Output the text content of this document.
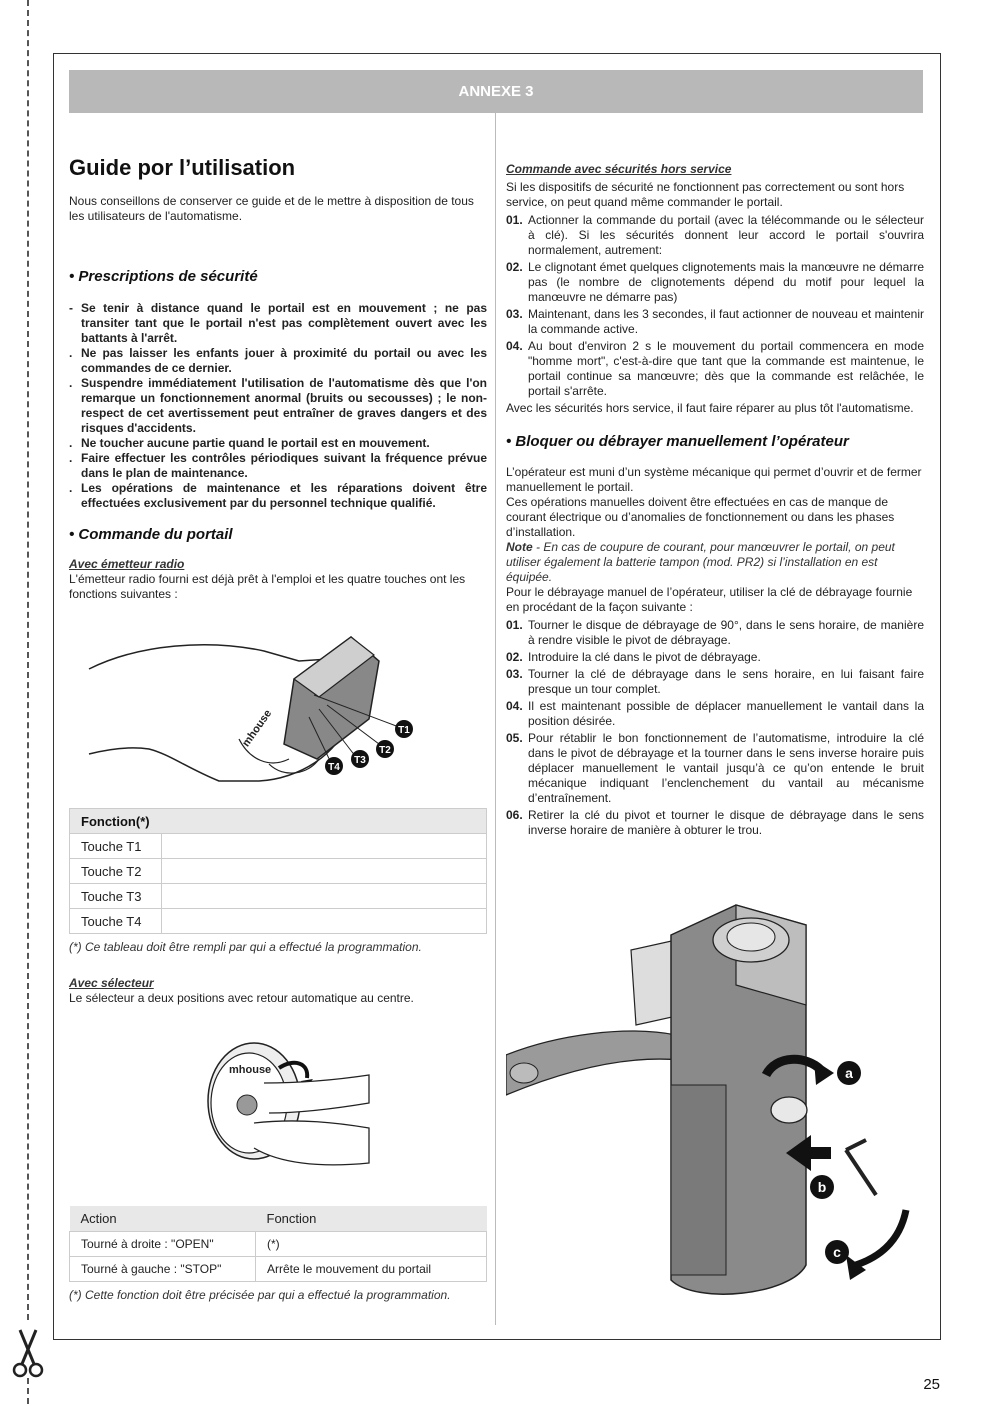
ANNEXE 3
Guide por l’utilisation

Nous conseillons de conserver ce guide et de le mettre à disposition de tous les utilisateurs de l'automatisme.

• Prescriptions de sécurité
- Se tenir à distance quand le portail est en mouvement ; ne pas transiter tant que le portail n'est pas complètement ouvert avec les battants à l'arrêt.
. Ne pas laisser les enfants jouer à proximité du portail ou avec les commandes de ce dernier.
. Suspendre immédiatement l'utilisation de l'automatisme dès que l'on remarque un fonctionnement anormal (bruits ou secousses) ; le non-respect de cet avertissement peut entraîner de graves dangers et des risques d'accidents.
. Ne toucher aucune partie quand le portail est en mouvement.
. Faire effectuer les contrôles périodiques suivant la fréquence prévue dans le plan de maintenance.
. Les opérations de maintenance et les réparations doivent être effectuées exclusivement par du personnel technique qualifié.
• Commande du portail

Avec émetteur radio

L'émetteur radio fourni est déjà prêt à l'emploi et les quatre touches ont les fonctions suivantes :

mhouse	T1
T2
T3
T4
Fonction(*)	
Touche T1	
Touche T2	
Touche T3	
Touche T4	

(*) Ce tableau doit être rempli par qui a effectué la programmation.

Avec sélecteur

Le sélecteur a deux positions avec retour automatique au centre.

mhouse
Action	Fonction
Tourné à droite : "OPEN"	(*)
Tourné à gauche : "STOP"	Arrête le mouvement du portail

(*) Cette fonction doit être précisée par qui a effectué la programmation.

Commande avec sécurités hors service

Si les dispositifs de sécurité ne fonctionnent pas correctement ou sont hors service, on peut quand même commander le portail.

01. Actionner la commande du portail (avec la télécommande ou le sélecteur à clé). Si les sécurités donnent leur accord le portail s'ouvrira normalement, autrement:
02. Le clignotant émet quelques clignotements mais la manœuvre ne démarre pas (le nombre de clignotements dépend du motif pour lequel la manœuvre ne démarre pas)
03. Maintenant, dans les 3 secondes, il faut actionner de nouveau et maintenir la commande active.
04. Au bout d'environ 2 s le mouvement du portail commencera en mode "homme mort", c'est-à-dire que tant que la commande est maintenue, le portail continue sa manœuvre; dès que la commande est relâchée, le portail s'arrête.

Avec les sécurités hors service, il faut faire réparer au plus tôt l'automatisme.

• Bloquer ou débrayer manuellement l’opérateur

L’opérateur est muni d’un système mécanique qui permet d’ouvrir et de fermer manuellement le portail.

Ces opérations manuelles doivent être effectuées en cas de manque de courant électrique ou d’anomalies de fonctionnement ou dans les phases d’installation.

Note - En cas de coupure de courant, pour manœuvrer le portail, on peut utiliser également la batterie tampon (mod. PR2) si l’installation en est équipée.

Pour le débrayage manuel de l’opérateur, utiliser la clé de débrayage fournie en procédant de la façon suivante :

01. Tourner le disque de débrayage de 90°, dans le sens horaire, de manière à rendre visible le pivot de débrayage.
02. Introduire la clé dans le pivot de débrayage.
03. Tourner la clé de débrayage dans le sens horaire, en lui faisant faire presque un tour complet.
04. Il est maintenant possible de déplacer manuellement le vantail dans la position désirée.
05. Pour rétablir le bon fonctionnement de l’automatisme, introduire la clé dans le pivot de débrayage et la tourner dans le sens inverse horaire puis déplacer manuellement le vantail jusqu’à ce qu’on entende le bruit mécanique indiquant l’enclenchement du vantail au mécanisme d’entraînement.
06. Retirer la clé du pivot et tourner le disque de débrayage dans le sens inverse horaire de manière à obturer le trou.
a
b
c
25
